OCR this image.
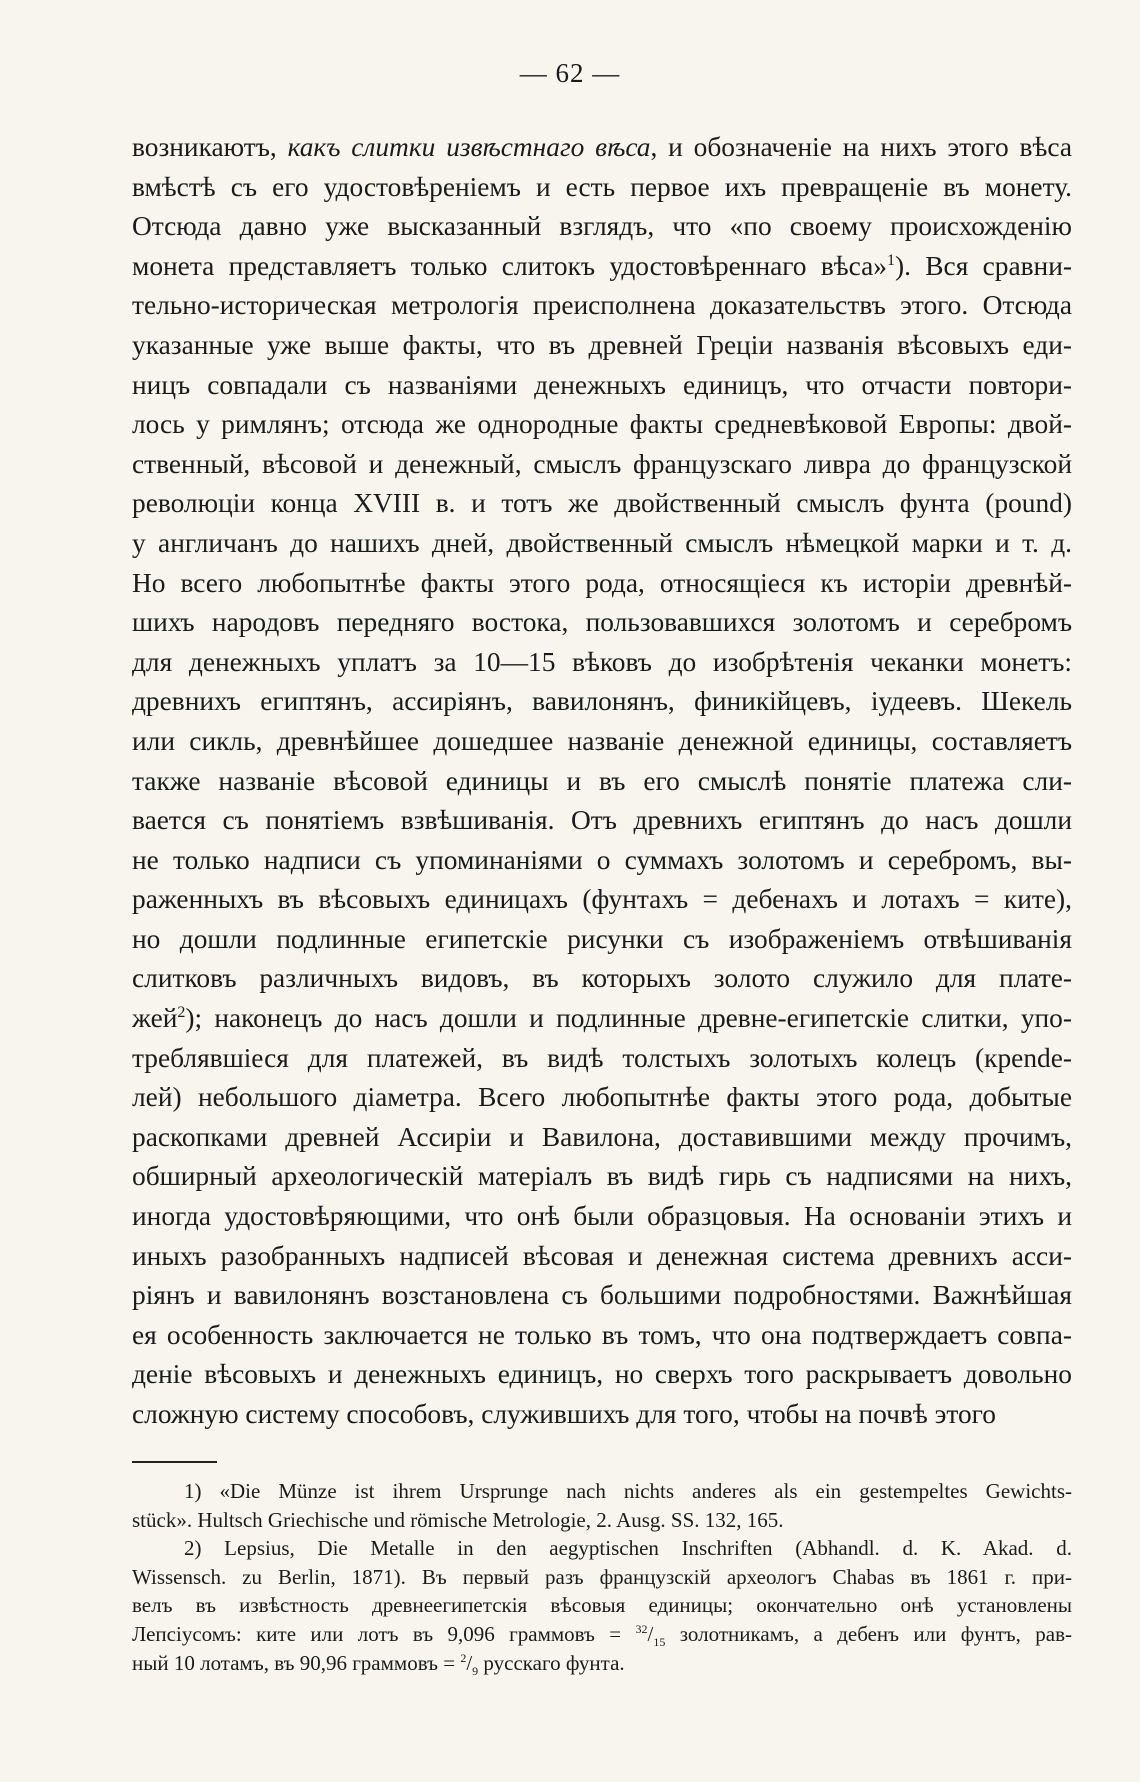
— 62 —
возникаютъ, какъ слитки извѣстнаго вѣса, и обозначеніе на нихъ этого вѣса
вмѣстѣ съ его удостовѣреніемъ и есть первое ихъ превращеніе въ монету.
Отсюда давно уже высказанный взглядъ, что «по своему происхожденію
монета представляетъ только слитокъ удостовѣреннаго вѣса»$^1$). Вся сравни-
тельно-историческая метрологія преисполнена доказательствъ этого. Отсюда
указанные уже выше факты, что въ древней Греціи названія вѣсовыхъ еди-
ницъ совпадали съ названіями денежныхъ единицъ, что отчасти повтори-
лось у римлянъ; отсюда же однородные факты средневѣковой Европы: двой-
ственный, вѣсовой и денежный, смыслъ французскаго ливра до французской
революціи конца XVIII в. и тотъ же двойственный смыслъ фунта (pound)
у англичанъ до нашихъ дней, двойственный смыслъ нѣмецкой марки и т. д.
Но всего любопытнѣе факты этого рода, относящіеся къ исторіи древнѣй-
шихъ народовъ передняго востока, пользовавшихся золотомъ и серебромъ
для денежныхъ уплатъ за 10—15 вѣковъ до изобрѣтенія чеканки монетъ:
древнихъ египтянъ, ассиріянъ, вавилонянъ, финикійцевъ, іудеевъ. Шекель
или сикль, древнѣйшее дошедшее названіе денежной единицы, составляетъ
также названіе вѣсовой единицы и въ его смыслѣ понятіе платежа сли-
вается съ понятіемъ взвѣшиванія. Отъ древнихъ египтянъ до насъ дошли
не только надписи съ упоминаніями о суммахъ золотомъ и серебромъ, вы-
раженныхъ въ вѣсовыхъ единицахъ (фунтахъ = дебенахъ и лотахъ = ките),
но дошли подлинные египетскіе рисунки съ изображеніемъ отвѣшиванія
слитковъ различныхъ видовъ, въ которыхъ золото служило для плате-
жей$^2$); наконецъ до насъ дошли и подлинные древне-египетскіе слитки, упо-
треблявшіеся для платежей, въ видѣ толстыхъ золотыхъ колецъ (крende-
лей) небольшого діаметра. Всего любопытнѣе факты этого рода, добытые
раскопками древней Ассиріи и Вавилона, доставившими между прочимъ,
обширный археологическій матеріалъ въ видѣ гирь съ надписями на нихъ,
иногда удостовѣряющими, что онѣ были образцовыя. На основаніи этихъ и
иныхъ разобранныхъ надписей вѣсовая и денежная система древнихъ асси-
ріянъ и вавилонянъ возстановлена съ большими подробностями. Важнѣйшая
ея особенность заключается не только въ томъ, что она подтверждаетъ совпа-
деніе вѣсовыхъ и денежныхъ единицъ, но сверхъ того раскрываетъ довольно
сложную систему способовъ, служившихъ для того, чтобы на почвѣ этого
1) «Die Münze ist ihrem Ursprunge nach nichts anderes als ein gestempeltes Gewichts-
stück». Hultsch Griechische und römische Metrologie, 2. Ausg. SS. 132, 165.
2) Lepsius, Die Metalle in den aegyptischen Inschriften (Abhandl. d. K. Akad. d.
Wissensch. zu Berlin, 1871). Въ первый разъ французскій археологъ Chabas въ 1861 г. при-
велъ въ извѣстность древнеегипетскія вѣсовыя единицы; окончательно онѣ установлены
Лепсіусомъ: ките или лотъ въ 9,096 граммовъ = $^{32}/_{15}$ золотникамъ, а дебенъ или фунтъ, рав-
ный 10 лотамъ, въ 90,96 граммовъ = $^2/_9$ русскаго фунта.
